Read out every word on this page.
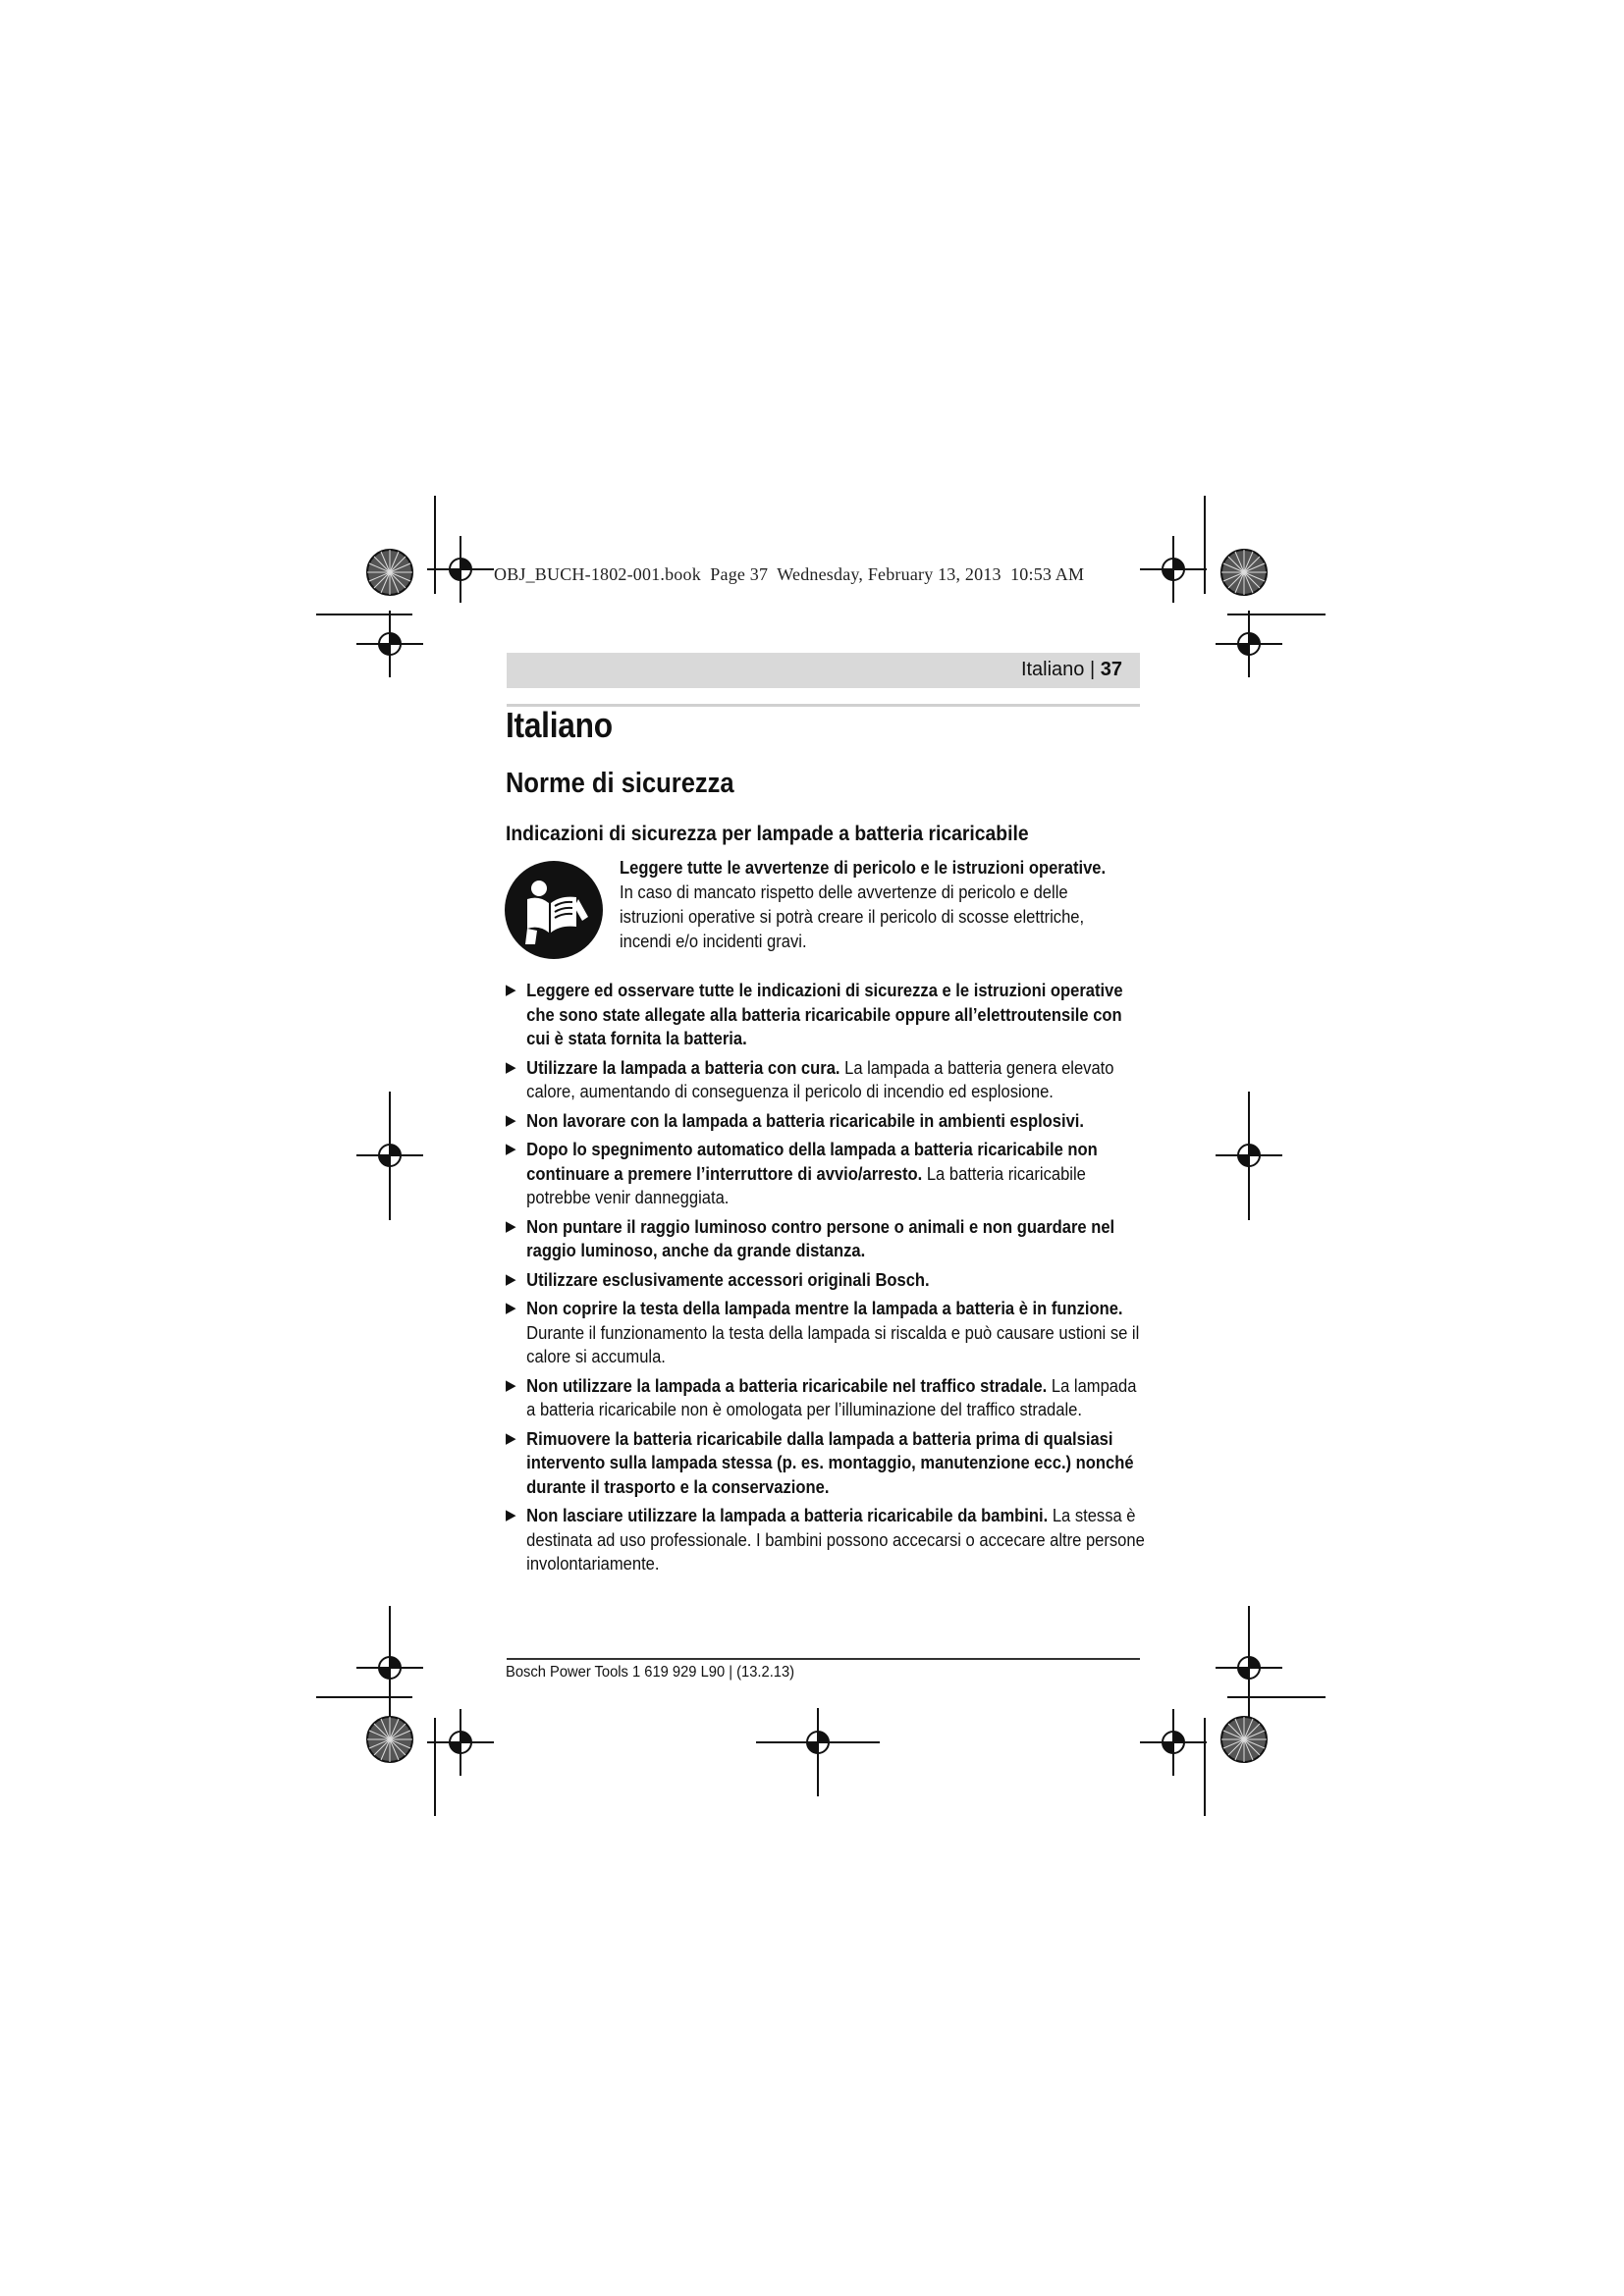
OBJ_BUCH-1802-001.book  Page 37  Wednesday, February 13, 2013  10:53 AM
Italiano | 37
Italiano
Norme di sicurezza
Indicazioni di sicurezza per lampade a batteria ricaricabile
Leggere tutte le avvertenze di pericolo e le istruzioni operative. In caso di mancato rispetto delle avvertenze di pericolo e delle istruzioni operative si potrà creare il pericolo di scosse elettriche, incendi e/o incidenti gravi.
▶ Leggere ed osservare tutte le indicazioni di sicurezza e le istruzioni operative che sono state allegate alla batteria ricaricabile oppure all’elettroutensile con cui è stata fornita la batteria.
▶ Utilizzare la lampada a batteria con cura. La lampada a batteria genera elevato calore, aumentando di conseguenza il pericolo di incendio ed esplosione.
▶ Non lavorare con la lampada a batteria ricaricabile in ambienti esplosivi.
▶ Dopo lo spegnimento automatico della lampada a batteria ricaricabile non continuare a premere l’interruttore di avvio/arresto. La batteria ricaricabile potrebbe venir danneggiata.
▶ Non puntare il raggio luminoso contro persone o animali e non guardare nel raggio luminoso, anche da grande distanza.
▶ Utilizzare esclusivamente accessori originali Bosch.
▶ Non coprire la testa della lampada mentre la lampada a batteria è in funzione. Durante il funzionamento la testa della lampada si riscalda e può causare ustioni se il calore si accumula.
▶ Non utilizzare la lampada a batteria ricaricabile nel traffico stradale. La lampada a batteria ricaricabile non è omologata per l’illuminazione del traffico stradale.
▶ Rimuovere la batteria ricaricabile dalla lampada a batteria prima di qualsiasi intervento sulla lampada stessa (p. es. montaggio, manutenzione ecc.) nonché durante il trasporto e la conservazione.
▶ Non lasciare utilizzare la lampada a batteria ricaricabile da bambini. La stessa è destinata ad uso professionale. I bambini possono accecarsi o accecare altre persone involontariamente.
Bosch Power Tools 1 619 929 L90 | (13.2.13)
